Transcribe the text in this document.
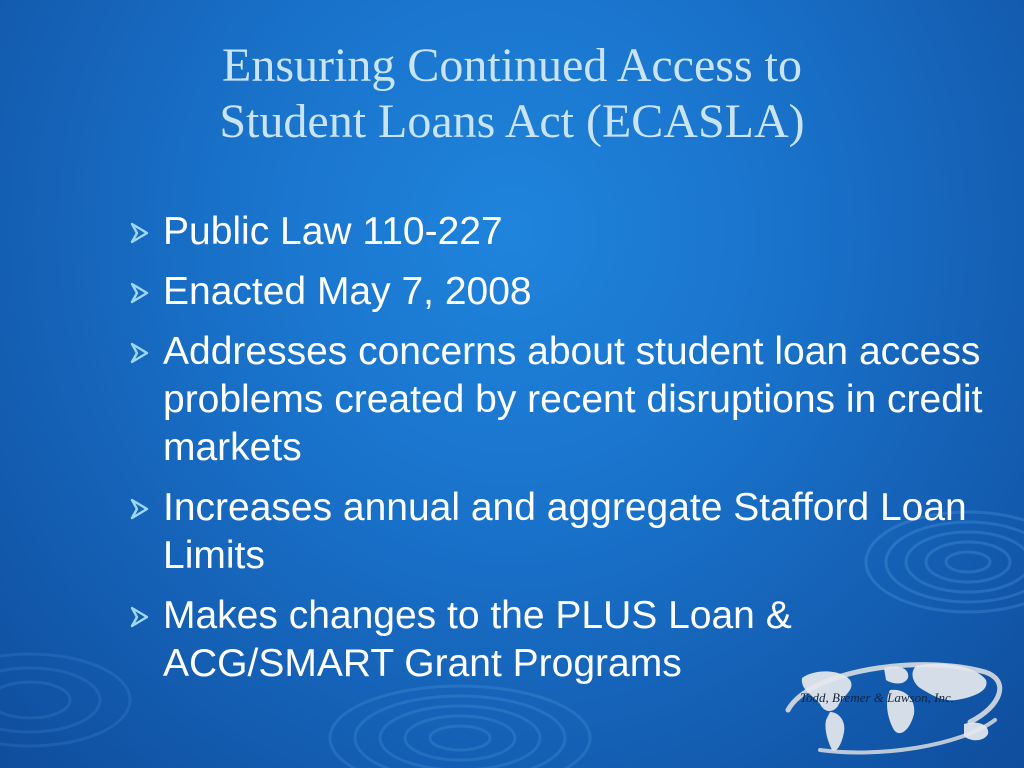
Ensuring Continued Access to
Student Loans Act (ECASLA)
Public Law 110-227
Enacted May 7, 2008
Addresses concerns about student loan access problems created by recent disruptions in credit markets
Increases annual and aggregate Stafford Loan Limits
Makes changes to the PLUS Loan & ACG/SMART Grant Programs
Todd, Bremer & Lawson, Inc.
